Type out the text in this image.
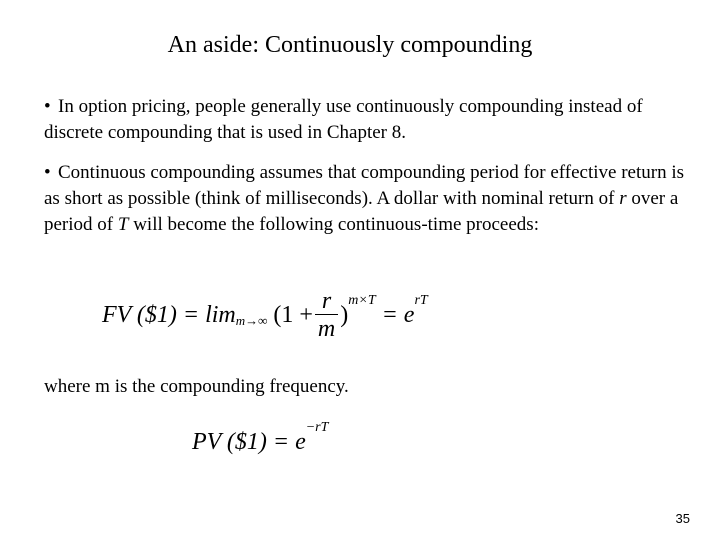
An aside: Continuously compounding

• In option pricing, people generally use continuously compounding instead of discrete compounding that is used in Chapter 8.

• Continuous compounding assumes that compounding period for effective return is as short as possible (think of milliseconds). A dollar with nominal return of r over a period of T will become the following continuous-time proceeds:

FV ($1) = lim m→∞ ($1 + \frac{r}{m}$ )
m×T
= e
rT

where m is the compounding frequency.

PV ($1) = e
−rT
35
